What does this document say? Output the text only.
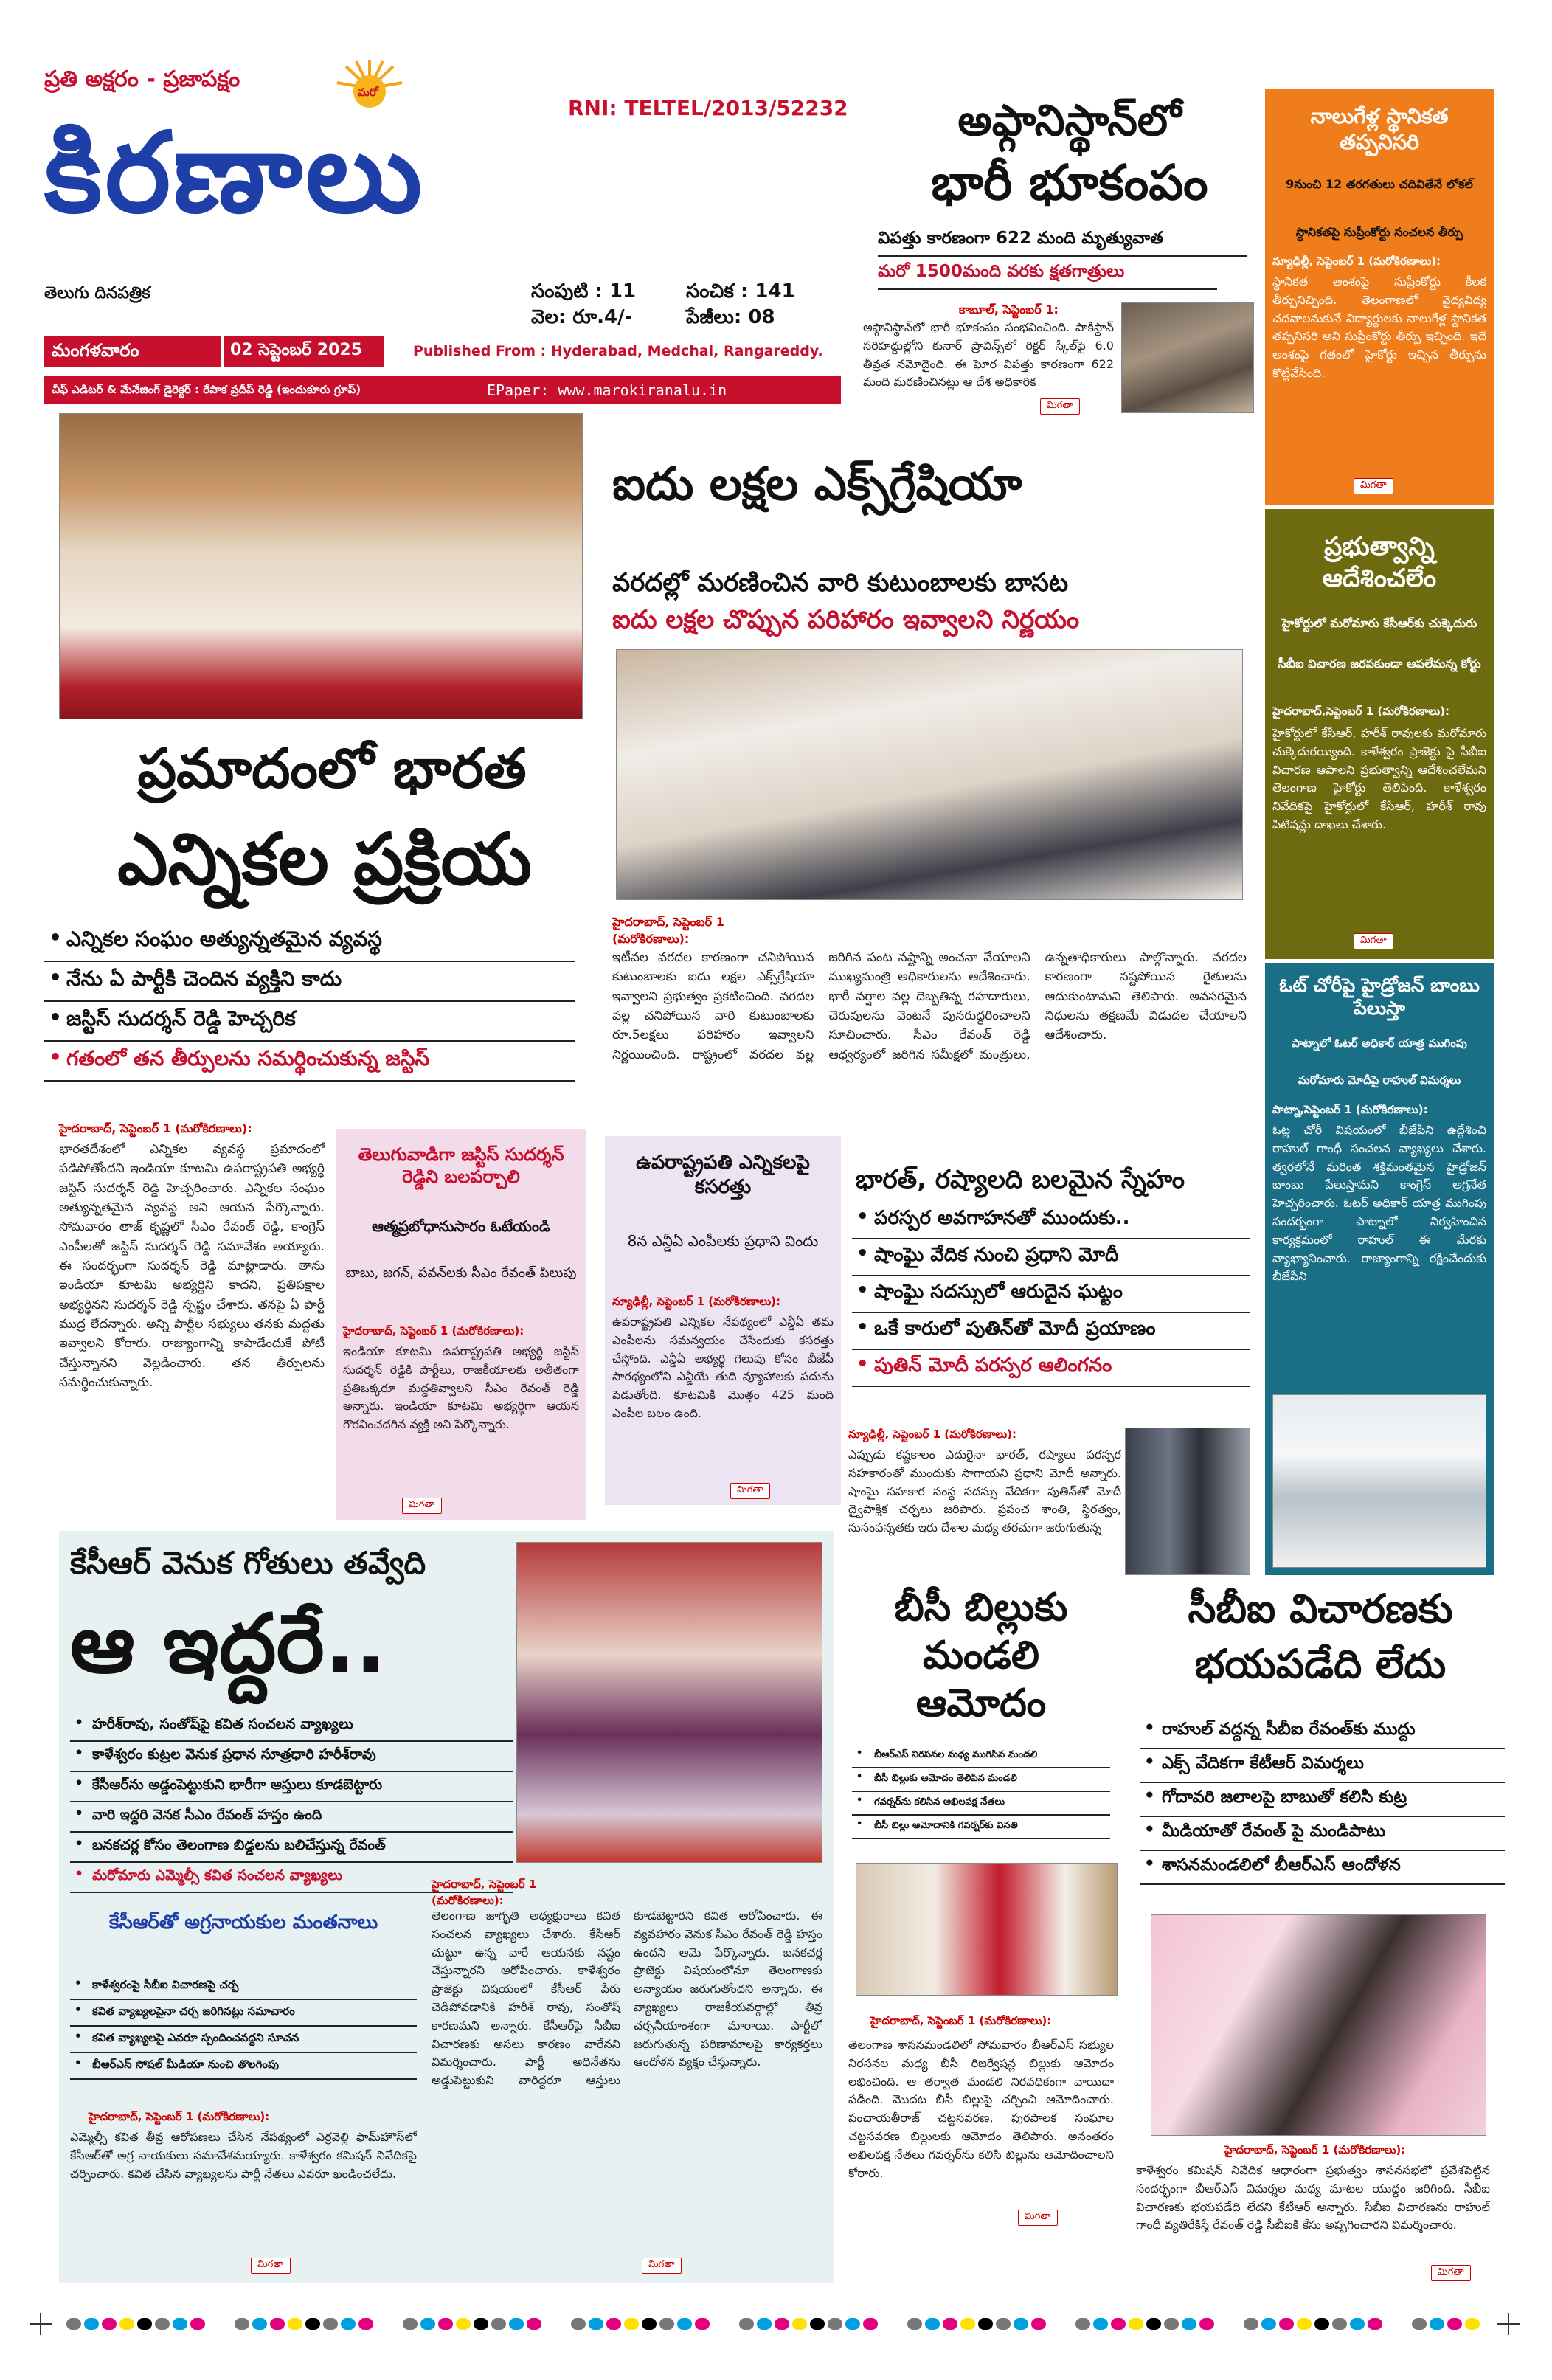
ప్రతి అక్షరం - ప్రజాపక్షం	మరో
కిరణాలు
తెలుగు దినపత్రిక
RNI: TELTEL/2013/52232
సంపుటి : 11	సంచిక : 141
వెల: రూ.4/-	పేజీలు: 08
మంగళవారం	02 సెప్టెంబర్ 2025	Published From : Hyderabad, Medchal, Rangareddy.
చీఫ్ ఎడిటర్ & మేనేజింగ్ డైరెక్టర్ : రేపాక ప్రదీప్ రెడ్డి (ఇందుకూరు గ్రూప్)	EPaper: www.marokiranalu.in
అఫ్గానిస్థాన్‌లో
భారీ భూకంపం
విపత్తు కారణంగా 622 మంది మృత్యువాత
మరో 1500మంది వరకు క్షతగాత్రులు
కాబూల్, సెప్టెంబర్ 1:
అఫ్గానిస్థాన్‌లో భారీ భూకంపం సంభవించింది. పాకిస్థాన్ సరిహద్దుల్లోని కునార్ ప్రావిన్స్‌లో రిక్టర్ స్కేల్‌పై 6.0 తీవ్రత నమోదైంది. ఈ ఘోర విపత్తు కారణంగా 622 మంది మరణించినట్లు ఆ దేశ అధికారిక
మిగతా
నాలుగేళ్ల స్థానికత తప్పనిసరి
9నుంచి 12 తరగతులు చదివితేనే లోకల్
స్థానికతపై సుప్రీంకోర్టు సంచలన తీర్పు
న్యూఢిల్లీ, సెప్టెంబర్ 1 (మరోకిరణాలు):
స్థానికత అంశంపై సుప్రీంకోర్టు కీలక తీర్పునిచ్చింది. తెలంగాణలో వైద్యవిద్య చదవాలనుకునే విద్యార్థులకు నాలుగేళ్ల స్థానికత తప్పనిసరి అని సుప్రీంకోర్టు తీర్పు ఇచ్చింది. ఇదే అంశంపై గతంలో హైకోర్టు ఇచ్చిన తీర్పును కొట్టివేసింది.
మిగతా
ప్రభుత్వాన్ని ఆదేశించలేం
హైకోర్టులో మరోమారు కేసీఆర్‌కు చుక్కెదురు
సీబీఐ విచారణ జరపకుండా ఆపలేమన్న కోర్టు
హైదరాబాద్,సెప్టెంబర్ 1 (మరోకిరణాలు):
హైకోర్టులో కేసీఆర్, హరీశ్ రావులకు మరోమారు చుక్కెదురయ్యింది. కాళేశ్వరం ప్రాజెక్టు పై సీబీఐ విచారణ ఆపాలని ప్రభుత్వాన్ని ఆదేశించలేమని తెలంగాణ హైకోర్టు తెలిపింది. కాళేశ్వరం నివేదికపై హైకోర్టులో కేసీఆర్, హరీశ్ రావు పిటిషన్లు దాఖలు చేశారు.
మిగతా
ఓట్ చోరీపై హైడ్రోజన్ బాంబు పేలుస్తా
పాట్నాలో ఓటర్ అధికార్ యాత్ర ముగింపు
మరోమారు మోదీపై రాహుల్ విమర్శలు
పాట్నా,సెప్టెంబర్ 1 (మరోకిరణాలు):
ఓట్ల చోరీ విషయంలో బీజేపీని ఉద్దేశించి రాహుల్ గాంధీ సంచలన వ్యాఖ్యలు చేశారు. త్వరలోనే మరింత శక్తిమంతమైన హైడ్రోజన్ బాంబు పేలుస్తామని కాంగ్రెస్ అగ్రనేత హెచ్చరించారు. ఓటర్ అధికార్ యాత్ర ముగింపు సందర్భంగా పాట్నాలో నిర్వహించిన కార్యక్రమంలో రాహుల్ ఈ మేరకు వ్యాఖ్యానించారు. రాజ్యాంగాన్ని రక్షించేందుకు బీజేపీని
ఐదు లక్షల ఎక్స్‌గ్రేషియా
వరదల్లో మరణించిన వారి కుటుంబాలకు బాసట
ఐదు లక్షల చొప్పున పరిహారం ఇవ్వాలని నిర్ణయం
హైదరాబాద్, సెప్టెంబర్ 1 (మరోకిరణాలు):
ఇటీవల వరదల కారణంగా చనిపోయిన కుటుంబాలకు ఐదు లక్షల ఎక్స్‌గ్రేషియా ఇవ్వాలని ప్రభుత్వం ప్రకటించింది. వరదల వల్ల చనిపోయిన వారి కుటుంబాలకు రూ.5లక్షలు పరిహారం ఇవ్వాలని నిర్ణయించింది. రాష్ట్రంలో వరదల వల్ల జరిగిన పంట నష్టాన్ని అంచనా వేయాలని ముఖ్యమంత్రి అధికారులను ఆదేశించారు. భారీ వర్షాల వల్ల దెబ్బతిన్న రహదారులు, చెరువులను వెంటనే పునరుద్ధరించాలని సూచించారు. సీఎం రేవంత్ రెడ్డి ఆధ్వర్యంలో జరిగిన సమీక్షలో మంత్రులు, ఉన్నతాధికారులు పాల్గొన్నారు. వరదల కారణంగా నష్టపోయిన రైతులను ఆదుకుంటామని తెలిపారు. అవసరమైన నిధులను తక్షణమే విడుదల చేయాలని ఆదేశించారు.
ప్రమాదంలో భారత
ఎన్నికల ప్రక్రియ
• ఎన్నికల సంఘం అత్యున్నతమైన వ్యవస్థ
• నేను ఏ పార్టీకి చెందిన వ్యక్తిని కాదు
• జస్టిస్ సుదర్శన్ రెడ్డి హెచ్చరిక
• గతంలో తన తీర్పులను సమర్థించుకున్న జస్టిస్
హైదరాబాద్, సెప్టెంబర్ 1 (మరోకిరణాలు):
భారతదేశంలో ఎన్నికల వ్యవస్థ ప్రమాదంలో పడిపోతోందని ఇండియా కూటమి ఉపరాష్ట్రపతి అభ్యర్థి జస్టిస్ సుదర్శన్ రెడ్డి హెచ్చరించారు. ఎన్నికల సంఘం అత్యున్నతమైన వ్యవస్థ అని ఆయన పేర్కొన్నారు. సోమవారం తాజ్ కృష్ణలో సీఎం రేవంత్ రెడ్డి, కాంగ్రెస్ ఎంపీలతో జస్టిస్ సుదర్శన్ రెడ్డి సమావేశం అయ్యారు. ఈ సందర్భంగా సుదర్శన్ రెడ్డి మాట్లాడారు. తాను ఇండియా కూటమి అభ్యర్థిని కాదని, ప్రతిపక్షాల అభ్యర్థినని సుదర్శన్ రెడ్డి స్పష్టం చేశారు. తనపై ఏ పార్టీ ముద్ర లేదన్నారు. అన్ని పార్టీల సభ్యులు తనకు మద్దతు ఇవ్వాలని కోరారు. రాజ్యాంగాన్ని కాపాడేందుకే పోటీ చేస్తున్నానని వెల్లడించారు. తన తీర్పులను సమర్థించుకున్నారు.
తెలుగువాడిగా జస్టిస్ సుదర్శన్ రెడ్డిని బలపర్చాలి
ఆత్మప్రబోధానుసారం ఓటేయండి
బాబు, జగన్, పవన్‌లకు సీఎం రేవంత్ పిలుపు
హైదరాబాద్, సెప్టెంబర్ 1 (మరోకిరణాలు):
ఇండియా కూటమి ఉపరాష్ట్రపతి అభ్యర్థి జస్టిస్ సుదర్శన్ రెడ్డికి పార్టీలు, రాజకీయాలకు అతీతంగా ప్రతిఒక్కరూ మద్దతివ్వాలని సీఎం రేవంత్ రెడ్డి అన్నారు. ఇండియా కూటమి అభ్యర్థిగా ఆయన గౌరవించదగిన వ్యక్తి అని పేర్కొన్నారు.
మిగతా
ఉపరాష్ట్రపతి ఎన్నికలపై కసరత్తు
8న ఎన్డీఏ ఎంపీలకు ప్రధాని విందు
న్యూఢిల్లీ, సెప్టెంబర్ 1 (మరోకిరణాలు):
ఉపరాష్ట్రపతి ఎన్నికల నేపథ్యంలో ఎన్డీఏ తమ ఎంపీలను సమన్వయం చేసేందుకు కసరత్తు చేస్తోంది. ఎన్డీఏ అభ్యర్థి గెలుపు కోసం బీజేపీ సారథ్యంలోని ఎన్డీయే తుది వ్యూహాలకు పదును పెడుతోంది. కూటమికి మొత్తం 425 మంది ఎంపీల బలం ఉంది.
మిగతా
భారత్, రష్యాలది బలమైన స్నేహం
• పరస్పర అవగాహనతో ముందుకు..
• షాంఘై వేదిక నుంచి ప్రధాని మోదీ
• షాంఘై సదస్సులో ఆరుదైన ఘట్టం
• ఒకే కారులో పుతిన్‌తో మోదీ ప్రయాణం
• పుతిన్ మోదీ పరస్పర ఆలింగనం
న్యూఢిల్లీ, సెప్టెంబర్ 1 (మరోకిరణాలు):
ఎప్పుడు కష్టకాలం ఎదురైనా భారత్, రష్యాలు పరస్పర సహకారంతో ముందుకు సాగాయని ప్రధాని మోదీ అన్నారు. షాంఘై సహకార సంస్థ సదస్సు వేదికగా పుతిన్‌తో మోదీ ద్వైపాక్షిక చర్చలు జరిపారు. ప్రపంచ శాంతి, స్థిరత్వం, సుసంపన్నతకు ఇరు దేశాల మధ్య తరచుగా జరుగుతున్న
కేసీఆర్ వెనుక గోతులు తవ్వేది
ఆ ఇద్దరే..
• హరీశ్‌రావు, సంతోష్‌పై కవిత సంచలన వ్యాఖ్యలు
• కాళేశ్వరం కుట్రల వెనుక ప్రధాన సూత్రధారి హరీశ్‌రావు
• కేసీఆర్‌ను అడ్డంపెట్టుకుని భారీగా ఆస్తులు కూడబెట్టారు
• వారి ఇద్దరి వెనక సీఎం రేవంత్ హస్తం ఉంది
• బనకచర్ల కోసం తెలంగాణ బిడ్డలను బలిచేస్తున్న రేవంత్
• మరోమారు ఎమ్మెల్సీ కవిత సంచలన వ్యాఖ్యలు
కేసీఆర్‌తో అగ్రనాయకుల మంతనాలు
• కాళేశ్వరంపై సీబీఐ విచారణపై చర్చ
• కవిత వ్యాఖ్యలపైనా చర్చ జరిగినట్లు సమాచారం
• కవిత వ్యాఖ్యలపై ఎవరూ స్పందించవద్దని సూచన
• బీఆర్ఎస్ సోషల్ మీడియా నుంచి తొలగింపు
హైదరాబాద్, సెప్టెంబర్ 1 (మరోకిరణాలు):
ఎమ్మెల్సీ కవిత తీవ్ర ఆరోపణలు చేసిన నేపథ్యంలో ఎర్రవెల్లి ఫామ్‌హౌస్‌లో కేసీఆర్‌తో అగ్ర నాయకులు సమావేశమయ్యారు. కాళేశ్వరం కమిషన్ నివేదికపై చర్చించారు. కవిత చేసిన వ్యాఖ్యలను పార్టీ నేతలు ఎవరూ ఖండించలేదు.
మిగతా
హైదరాబాద్, సెప్టెంబర్ 1 (మరోకిరణాలు):
తెలంగాణ జాగృతి అధ్యక్షురాలు కవిత సంచలన వ్యాఖ్యలు చేశారు. కేసీఆర్ చుట్టూ ఉన్న వారే ఆయనకు నష్టం చేస్తున్నారని ఆరోపించారు. కాళేశ్వరం ప్రాజెక్టు విషయంలో కేసీఆర్ పేరు చెడిపోవడానికి హరీశ్ రావు, సంతోష్ కారణమని అన్నారు. కేసీఆర్‌పై సీబీఐ విచారణకు అసలు కారణం వారేనని విమర్శించారు. పార్టీ అధినేతను అడ్డుపెట్టుకుని వారిద్దరూ ఆస్తులు కూడబెట్టారని కవిత ఆరోపించారు. ఈ వ్యవహారం వెనుక సీఎం రేవంత్ రెడ్డి హస్తం ఉందని ఆమె పేర్కొన్నారు. బనకచర్ల ప్రాజెక్టు విషయంలోనూ తెలంగాణకు అన్యాయం జరుగుతోందని అన్నారు. ఈ వ్యాఖ్యలు రాజకీయవర్గాల్లో తీవ్ర చర్చనీయాంశంగా మారాయి. పార్టీలో జరుగుతున్న పరిణామాలపై కార్యకర్తలు ఆందోళన వ్యక్తం చేస్తున్నారు.
మిగతా
బీసీ బిల్లుకు
మండలి
ఆమోదం
• బీఆర్ఎస్ నిరసనల మధ్య ముగిసిన మండలి
• బీసీ బిల్లుకు ఆమోదం తెలిపిన మండలి
• గవర్నర్‌ను కలిసిన అఖిలపక్ష నేతలు
• బీసీ బిల్లు ఆమోదానికి గవర్నర్‌కు వినతి
హైదరాబాద్, సెప్టెంబర్ 1 (మరోకిరణాలు):
తెలంగాణ శాసనమండలిలో సోమవారం బీఆర్ఎస్ సభ్యుల నిరసనల మధ్య బీసీ రిజర్వేషన్ల బిల్లుకు ఆమోదం లభించింది. ఆ తర్వాత మండలి నిరవధికంగా వాయిదా పడింది. మొదట బీసీ బిల్లుపై చర్చించి ఆమోదించారు. పంచాయతీరాజ్ చట్టసవరణ, పురపాలక సంఘాల చట్టసవరణ బిల్లులకు ఆమోదం తెలిపారు. అనంతరం అఖిలపక్ష నేతలు గవర్నర్‌ను కలిసి బిల్లును ఆమోదించాలని కోరారు.
మిగతా
సీబీఐ విచారణకు
భయపడేది లేదు
• రాహుల్ వద్దన్న సీబీఐ రేవంత్‌కు ముద్దు
• ఎక్స్ వేదికగా కేటీఆర్ విమర్శలు
• గోదావరి జలాలపై బాబుతో కలిసి కుట్ర
• మీడియాతో రేవంత్ పై మండిపాటు
• శాసనమండలిలో బీఆర్ఎస్ ఆందోళన
హైదరాబాద్, సెప్టెంబర్ 1 (మరోకిరణాలు):
కాళేశ్వరం కమిషన్ నివేదిక ఆధారంగా ప్రభుత్వం శాసనసభలో ప్రవేశపెట్టిన సందర్భంగా బీఆర్ఎస్ విమర్శల మధ్య మాటల యుద్ధం జరిగింది. సీబీఐ విచారణకు భయపడేది లేదని కేటీఆర్ అన్నారు. సీబీఐ విచారణను రాహుల్ గాంధీ వ్యతిరేకిస్తే రేవంత్ రెడ్డి సీబీఐకి కేసు అప్పగించారని విమర్శించారు.
మిగతా
